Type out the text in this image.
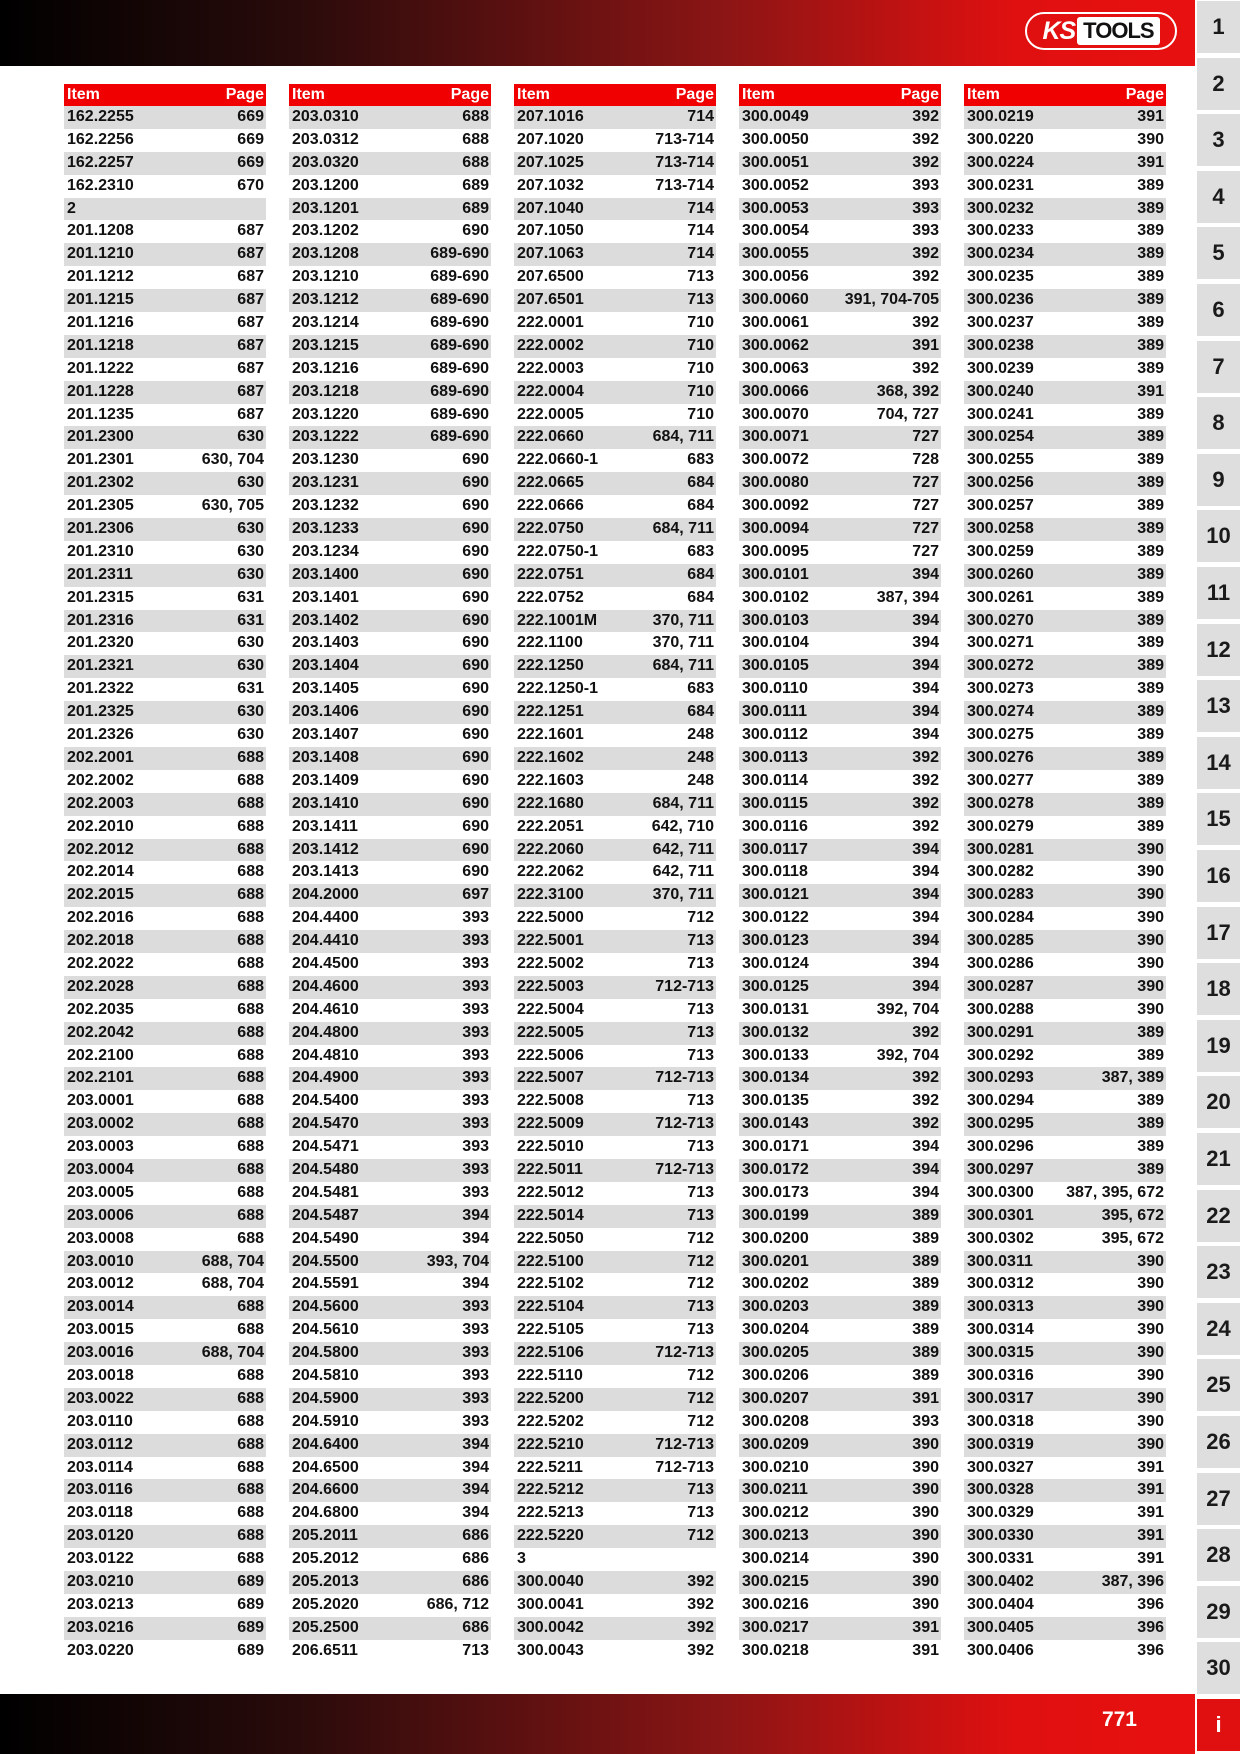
KS TOOLS
Item	Page
162.2255	669
162.2256	669
162.2257	669
162.2310	670
2
201.1208	687
201.1210	687
201.1212	687
201.1215	687
201.1216	687
201.1218	687
201.1222	687
201.1228	687
201.1235	687
201.2300	630
201.2301	630, 704
201.2302	630
201.2305	630, 705
201.2306	630
201.2310	630
201.2311	630
201.2315	631
201.2316	631
201.2320	630
201.2321	630
201.2322	631
201.2325	630
201.2326	630
202.2001	688
202.2002	688
202.2003	688
202.2010	688
202.2012	688
202.2014	688
202.2015	688
202.2016	688
202.2018	688
202.2022	688
202.2028	688
202.2035	688
202.2042	688
202.2100	688
202.2101	688
203.0001	688
203.0002	688
203.0003	688
203.0004	688
203.0005	688
203.0006	688
203.0008	688
203.0010	688, 704
203.0012	688, 704
203.0014	688
203.0015	688
203.0016	688, 704
203.0018	688
203.0022	688
203.0110	688
203.0112	688
203.0114	688
203.0116	688
203.0118	688
203.0120	688
203.0122	688
203.0210	689
203.0213	689
203.0216	689
203.0220	689
Item	Page
203.0310	688
203.0312	688
203.0320	688
203.1200	689
203.1201	689
203.1202	690
203.1208	689-690
203.1210	689-690
203.1212	689-690
203.1214	689-690
203.1215	689-690
203.1216	689-690
203.1218	689-690
203.1220	689-690
203.1222	689-690
203.1230	690
203.1231	690
203.1232	690
203.1233	690
203.1234	690
203.1400	690
203.1401	690
203.1402	690
203.1403	690
203.1404	690
203.1405	690
203.1406	690
203.1407	690
203.1408	690
203.1409	690
203.1410	690
203.1411	690
203.1412	690
203.1413	690
204.2000	697
204.4400	393
204.4410	393
204.4500	393
204.4600	393
204.4610	393
204.4800	393
204.4810	393
204.4900	393
204.5400	393
204.5470	393
204.5471	393
204.5480	393
204.5481	393
204.5487	394
204.5490	394
204.5500	393, 704
204.5591	394
204.5600	393
204.5610	393
204.5800	393
204.5810	393
204.5900	393
204.5910	393
204.6400	394
204.6500	394
204.6600	394
204.6800	394
205.2011	686
205.2012	686
205.2013	686
205.2020	686, 712
205.2500	686
206.6511	713
Item	Page
207.1016	714
207.1020	713-714
207.1025	713-714
207.1032	713-714
207.1040	714
207.1050	714
207.1063	714
207.6500	713
207.6501	713
222.0001	710
222.0002	710
222.0003	710
222.0004	710
222.0005	710
222.0660	684, 711
222.0660-1	683
222.0665	684
222.0666	684
222.0750	684, 711
222.0750-1	683
222.0751	684
222.0752	684
222.1001M	370, 711
222.1100	370, 711
222.1250	684, 711
222.1250-1	683
222.1251	684
222.1601	248
222.1602	248
222.1603	248
222.1680	684, 711
222.2051	642, 710
222.2060	642, 711
222.2062	642, 711
222.3100	370, 711
222.5000	712
222.5001	713
222.5002	713
222.5003	712-713
222.5004	713
222.5005	713
222.5006	713
222.5007	712-713
222.5008	713
222.5009	712-713
222.5010	713
222.5011	712-713
222.5012	713
222.5014	713
222.5050	712
222.5100	712
222.5102	712
222.5104	713
222.5105	713
222.5106	712-713
222.5110	712
222.5200	712
222.5202	712
222.5210	712-713
222.5211	712-713
222.5212	713
222.5213	713
222.5220	712
3
300.0040	392
300.0041	392
300.0042	392
300.0043	392
Item	Page
300.0049	392
300.0050	392
300.0051	392
300.0052	393
300.0053	393
300.0054	393
300.0055	392
300.0056	392
300.0060 391, 704-705
300.0061	392
300.0062	391
300.0063	392
300.0066	368, 392
300.0070	704, 727
300.0071	727
300.0072	728
300.0080	727
300.0092	727
300.0094	727
300.0095	727
300.0101	394
300.0102	387, 394
300.0103	394
300.0104	394
300.0105	394
300.0110	394
300.0111	394
300.0112	394
300.0113	392
300.0114	392
300.0115	392
300.0116	392
300.0117	394
300.0118	394
300.0121	394
300.0122	394
300.0123	394
300.0124	394
300.0125	394
300.0131	392, 704
300.0132	392
300.0133	392, 704
300.0134	392
300.0135	392
300.0143	392
300.0171	394
300.0172	394
300.0173	394
300.0199	389
300.0200	389
300.0201	389
300.0202	389
300.0203	389
300.0204	389
300.0205	389
300.0206	389
300.0207	391
300.0208	393
300.0209	390
300.0210	390
300.0211	390
300.0212	390
300.0213	390
300.0214	390
300.0215	390
300.0216	390
300.0217	391
300.0218	391
Item	Page
300.0219	391
300.0220	390
300.0224	391
300.0231	389
300.0232	389
300.0233	389
300.0234	389
300.0235	389
300.0236	389
300.0237	389
300.0238	389
300.0239	389
300.0240	391
300.0241	389
300.0254	389
300.0255	389
300.0256	389
300.0257	389
300.0258	389
300.0259	389
300.0260	389
300.0261	389
300.0270	389
300.0271	389
300.0272	389
300.0273	389
300.0274	389
300.0275	389
300.0276	389
300.0277	389
300.0278	389
300.0279	389
300.0281	390
300.0282	390
300.0283	390
300.0284	390
300.0285	390
300.0286	390
300.0287	390
300.0288	390
300.0291	389
300.0292	389
300.0293	387, 389
300.0294	389
300.0295	389
300.0296	389
300.0297	389
300.0300 387, 395, 672
300.0301	395, 672
300.0302	395, 672
300.0311	390
300.0312	390
300.0313	390
300.0314	390
300.0315	390
300.0316	390
300.0317	390
300.0318	390
300.0319	390
300.0327	391
300.0328	391
300.0329	391
300.0330	391
300.0331	391
300.0402	387, 396
300.0404	396
300.0405	396
300.0406	396
771
1
2
3
4
5
6
7
8
9
10
11
12
13
14
15
16
17
18
19
20
21
22
23
24
25
26
27
28
29
30
i
